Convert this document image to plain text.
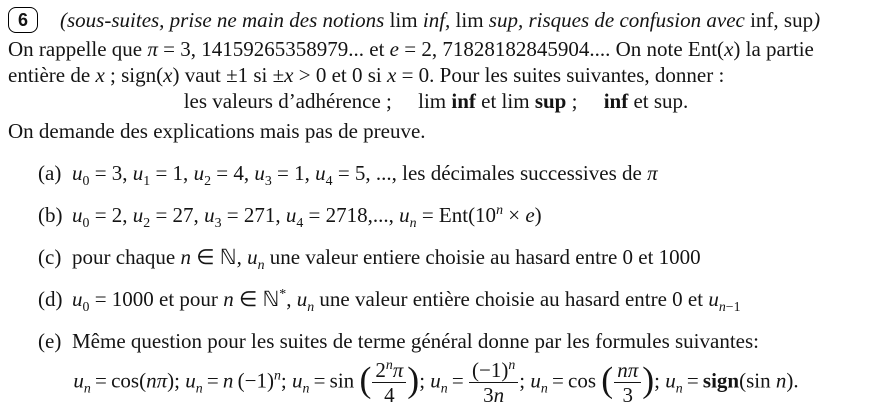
6	(sous-suites, prise ne main des notions lim inf, lim sup, risques de confusion avec inf, sup)
On rappelle que π = 3, 14159265358979... et e = 2, 71828182845904.... On note Ent(x) la partie
entière de x ; sign(x) vaut ±1 si ±x > 0 et 0 si x = 0. Pour les suites suivantes, donner :
les valeurs d’adhérence ;  lim inf et lim sup ;  inf et sup.
On demande des explications mais pas de preuve.
(a) $u_0 = 3$, $u_1 = 1$, $u_2 = 4$, $u_3 = 1$, $u_4 = 5$, ..., les décimales successives de π
(b) $u_0 = 2$, $u_2 = 27$, $u_3 = 271$, $u_4 = 2718$,..., $u_n = Ent(10^n \times e)$
(c) pour chaque n ∈ ℕ, $u_n$ une valeur entiere choisie au hasard entre 0 et 1000
(d) $u_0 = 1000$ et pour n ∈ ℕ*, $u_n$ une valeur entière choisie au hasard entre 0 et $u_{n-1}$
(e) Même question pour les suites de terme général donne par les formules suivantes:
$u_n = \cos(n\pi)$; $u_n = n$ $(-1)^n$; $u_n = \sin$ ( $\frac{2^n\pi}{4}$ ); $u_n = \frac{(-1)^n}{3n}$ ; $u_n = \cos$ ( $\frac{n\pi}{3}$ ); $u_n$ = sign(sin n).
